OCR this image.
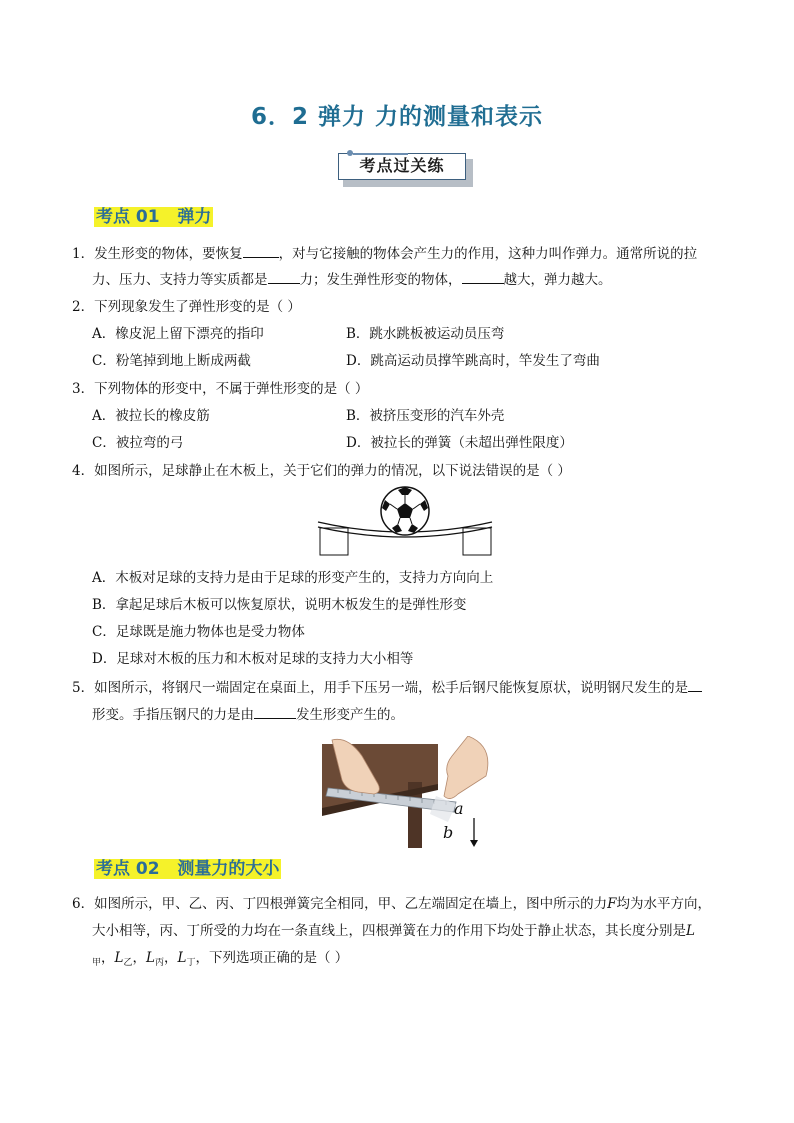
6．2 弹力 力的测量和表示
考点过关练
考点 01 弹力
1．发生形变的物体，要恢复	，对与它接触的物体会产生力的作用，这种力叫作弹力。通常所说的拉
力、压力、支持力等实质都是 力；发生弹性形变的物体，	越大，弹力越大。
2．下列现象发生了弹性形变的是（ ）
A．橡皮泥上留下漂亮的指印	B．跳水跳板被运动员压弯
C．粉笔掉到地上断成两截	D．跳高运动员撑竿跳高时，竿发生了弯曲
3．下列物体的形变中，不属于弹性形变的是（ ）
A．被拉长的橡皮筋	B．被挤压变形的汽车外壳
C．被拉弯的弓	D．被拉长的弹簧（未超出弹性限度）
4．如图所示，足球静止在木板上，关于它们的弹力的情况，以下说法错误的是（ ）
A．木板对足球的支持力是由于足球的形变产生的，支持力方向向上
B．拿起足球后木板可以恢复原状，说明木板发生的是弹性形变
C．足球既是施力物体也是受力物体
D．足球对木板的压力和木板对足球的支持力大小相等
5．如图所示，将钢尺一端固定在桌面上，用手下压另一端，松手后钢尺能恢复原状，说明钢尺发生的是
形变。手指压钢尺的力是由	发生形变产生的。
a
b
考点 02 测量力的大小
6．如图所示，甲、乙、丙、丁四根弹簧完全相同，甲、乙左端固定在墙上，图中所示的力F均为水平方向，
大小相等，丙、丁所受的力均在一条直线上，四根弹簧在力的作用下均处于静止状态，其长度分别是L
$_甲$，$L_乙$，$L_丙$，$L_丁$，下列选项正确的是（ ）
